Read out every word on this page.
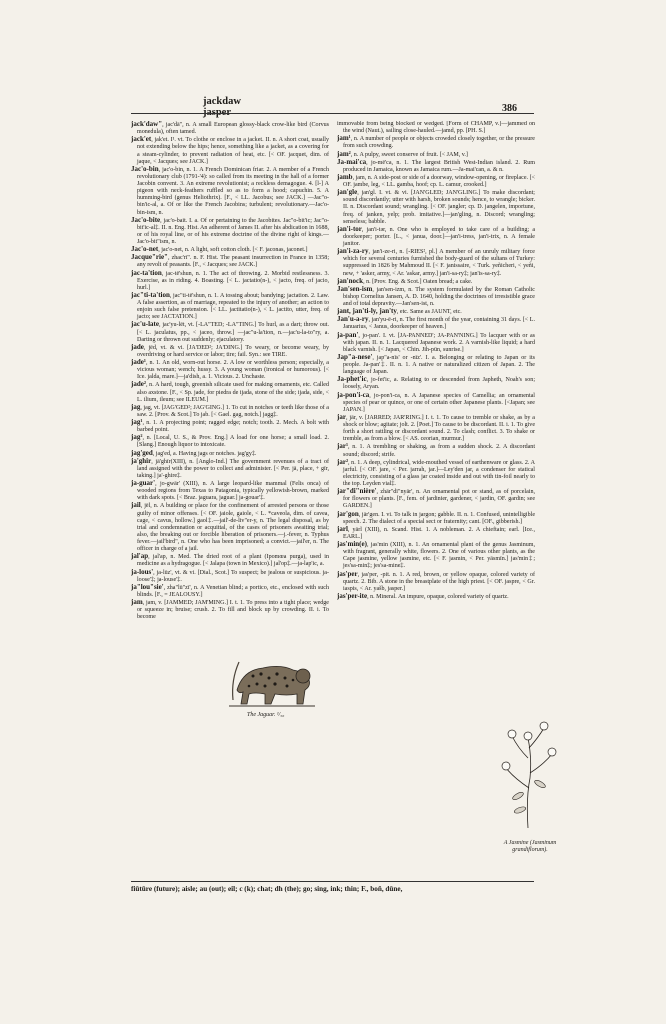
jackdaw
jasper	386

jack'daw", jac'dā", n. A small European glossy-black crow-like bird (Corvus monedula), often tamed.

jack'et, jak'et. I¹. vt. To clothe or enclose in a jacket. II. n. A short coat, usually not extending below the hips; hence, something like a jacket, as a covering for a steam-cylinder, to prevent radiation of heat, etc. [< OF. jacquet, dim. of jaque, < Jacques; see JACK.]

Jac'o-bin, jac'o-bin, n. 1. A French Dominican friar. 2. A member of a French revolutionary club (1791-'4): so called from its meeting in the hall of a former Jacobin convent. 3. An extreme revolutionist; a reckless demagogue. 4. [l-] A pigeon with neck-feathers ruffled so as to form a hood; capuchin. 5. A humming-bird (genus Heliothrix). [F., < LL. Jacobus; see JACK.] —Jac"o-bin'ic-al, a. Of or like the French Jacobins; turbulent; revolutionary.—Jac'o-bin-ism, n.

Jac'o-bite, jac'o-bait. I. a. Of or pertaining to the Jacobites. Jac"o-bit'ic; Jac"o-bit'ic-al‡. II. n. Eng. Hist. An adherent of James II. after his abdication in 1688, or of his royal line, or of his extreme doctrine of the divine right of kings.—Jac'o-bit"ism, n.

Jac'o-net, jac'o-net, n. A light, soft cotton cloth. [< F. jaconas, jaconet.]

Jacque"rie", zhac'rī". n. F. Hist. The peasant insurrection in France in 1358; any revolt of peasants. [F., < Jacques; see JACK.]

jac-ta'tion, jac-tē'shun, n. 1. The act of throwing. 2. Morbid restlessness. 3. Exercise, as in riding. 4. Boasting. [< L. jactatio(n-), < jacto, freq. of jacio, hurl.]

jac"ti-ta'tion, jac"ti-tē'shun, n. 1. A tossing about; bandying; jactation. 2. Law. A false assertion, as of marriage, repeated to the injury of another; an action to enjoin such false pretension. [< LL. jactitatio(n-), < L. jactito, utter, freq. of jacto; see JACTATION.]

jac'u-late, jac'yu-lēt, vt. [-LA"TED; -LA"TING.] To hurl, as a dart; throw out. [< L. jaculatus, pp., < jaceo, throw.] —jac"u-la'tion, n.—jac'u-la-to"ry, a. Darting or thrown out suddenly; ejaculatory.

jade, jēd, vt. & vi. [JA'DED²; JA'DING.] To weary, or become weary, by overdriving or hard service or labor; tire; fail. Syn.: see TIRE.

jade¹, n. 1. An old, worn-out horse. 2. A low or worthless person; especially, a vicious woman; wench; hussy. 3. A young woman (ironical or humorous). [< Ice. jalda, mare.]—ja'dish, a. 1. Vicious. 2. Unchaste.

jade², n. A hard, tough, greenish silicate used for making ornaments, etc. Called also axstone. [F., < Sp. jade, for piedra de ijada, stone of the side; ijada, side, < L. ilium, ileum; see ILEUM.]

jag, jag, vt. [JAG'GED²; JAG'GING.] 1. To cut in notches or teeth like those of a saw. 2. [Prov. & Scot.] To jab. [< Gael. gag, notch.] jagg‡.

jag¹, n. 1. A projecting point; ragged edge; notch; tooth. 2. Mech. A bolt with barbed point.

jag², n. [Local, U. S., & Prov. Eng.] A load for one horse; a small load. 2. [Slang.] Enough liquor to intoxicate.

jag'ged, jag'ed, a. Having jags or notches. jag'gy‡.

ja'ghir, jā'ghīr(XIII), n. [Anglo-Ind.] The government revenues of a tract of land assigned with the power to collect and administer. [< Per. jā, place, + gīr, taking.] ja'-ghire‡.

ja-guar', jo-gwār' (XIII), n. A large leopard-like mammal (Felis onca) of wooded regions from Texas to Patagonia, typically yellowish-brown, marked with dark spots. [< Braz. jaguara, jaguar.] ja-gouar'‡.

jail, jēl, n. A building or place for the confinement of arrested persons or those guilty of minor offenses. [< OF. jaiole, gaiole, < L. *caveola, dim. of cavea, cage, < cavus, hollow.] gaol‡.—jail'-de-liv"er-y, n. The legal disposal, as by trial and condemnation or acquittal, of the cases of prisoners awaiting trial; also, the breaking out or forcible liberation of prisoners.—j.-fever, n. Typhus fever.—jail'bird", n. One who has been imprisoned; a convict.—jail'er, n. The officer in charge of a jail.

jal'ap, jal'ap, n. Med. The dried root of a plant (Ipomœa purga), used in medicine as a hydragogue. [< Jalapa (town in Mexico).] jal'op‡.—ja-lap'ic, a.

ja-lous', ja-lūz', vt. & vi. [Dial., Scot.] To suspect; be jealous or suspicious. ja-loose'‡; ja-louse'‡.

ja"lou"sie', zha"lū"zī', n. A Venetian blind; a portico, etc., enclosed with such blinds. [F., = JEALOUSY.]

jam, jam, v. [JAMMED; JAM'MING.] I. t. 1. To press into a tight place; wedge or squeeze in; bruise; crush. 2. To fill and block up by crowding. II. i. To become

immovable from being blocked or wedged. [Form of CHAMP, v.]—jammed on the wind (Naut.), sailing close-hauled.—jamd, pp. [PH. S.]

jam¹, n. A number of people or objects crowded closely together, or the pressure from such crowding.

jam², n. A pulpy, sweet conserve of fruit. [< JAM, v.]

Ja-mai'ca, jo-mē'ca, n. 1. The largest British West-Indian island. 2. Rum produced in Jamaica, known as Jamaica rum.—Ja-mai'can, a. & n.

jamb, jam, n. A side-post or side of a doorway, window-opening, or fireplace. [< OF. jambe, leg, < LL. gamba, hoof; cp. L. camur, crooked.]

jan'gle, jan'gl. I. vt. & vi. [JAN'GLED; JAN'GLING.] To make discordant; sound discordantly; utter with harsh, broken sounds; hence, to wrangle; bicker. II. n. Discordant sound; wrangling. [< OF. jangler; cp. D. jangelen, importune, freq. of janken, yelp; prob. imitative.]—jan'gling, n. Discord; wrangling; senseless; babble.

jan'i-tor, jan'i-tər, n. One who is employed to take care of a building; a doorkeeper; porter. [L., < janua, door.]—jan'i-tress, jan'i-trix, n. A female janitor.

jan'i-za-ry, jan'i-ze-ri, n. [-RIES², pl.] A member of an unruly military force which for several centuries furnished the body-guard of the sultans of Turkey: suppressed in 1826 by Mahmoud II. [< F. janissaire, < Turk. yeñicheri, < yeñi, new, + 'asker, army, < Ar. 'askar, army.] jan'i-sa-ry‡; jan'is-sa-ry‡.

jan'nock, n. [Prov. Eng. & Scot.] Oaten bread; a cake.

Jan'sen-ism, jan'sen-izm, n. The system formulated by the Roman Catholic bishop Cornelius Jansen, A. D. 1640, holding the doctrines of irresistible grace and of total depravity.—Jan'sen-ist, n.

jant, jan'ti-ly, jan'ty, etc. Same as JAUNT, etc.

Jan'u-a-ry, jan'yu-ē-ri, n. The first month of the year, containing 31 days. [< L. Januarius, < Janus, doorkeeper of heaven.]

ja-pan', jo-pan'. I. vt. [JA-PANNED'; JA-PAN'NING.] To lacquer with or as with japan. II. n. 1. Lacquered Japanese work. 2. A varnish-like liquid; a hard black varnish. [< Japan, < Chin. Jih-pün, sunrise.]

Jap"a-nese', jap"a-nīs' or -nīz'. I. a. Belonging or relating to Japan or its people. Ja-pan'‡. II. n. 1. A native or naturalized citizen of Japan. 2. The language of Japan.

Ja-phet'ic, jo-fet'ic, a. Relating to or descended from Japheth, Noah's son; loosely, Aryan.

ja-pon'i-ca, jo-pon'i-ca, n. A Japanese species of Camellia; an ornamental species of pear or quince, or one of certain other Japanese plants. [<Japan; see JAPAN.]

jar, jār, v. [JARRED; JAR'RING.] I. t. 1. To cause to tremble or shake, as by a shock or blow; agitate; jolt. 2. [Poet.] To cause to be discordant. II. i. 1. To give forth a short rattling or discordant sound. 2. To clash; conflict. 3. To shake or tremble, as from a blow. [< AS. ceorian, murmur.]

jar¹, n. 1. A trembling or shaking, as from a sudden shock. 2. A discordant sound; discord; strife.

jar², n. 1. A deep, cylindrical, wide-mouthed vessel of earthenware or glass. 2. A jarful. [< OF. jare, < Per. jarrah, jar.]—Ley'den jar, a condenser for statical electricity, consisting of a glass jar coated inside and out with tin-foil nearly to the top. Leyden vial‡.

jar"di"nière', zhār"dī"nyār', n. An ornamental pot or stand, as of porcelain, for flowers or plants. [F., fem. of jardinier, gardener, < jardin, OF. gardin; see GARDEN.]

jar'gon, jār'gen. I. vi. To talk in jargon; gabble. II. n. 1. Confused, unintelligible speech. 2. The dialect of a special sect or fraternity; cant. [OF., gibberish.]

jarl, yārl (XIII), n. Scand. Hist. 1. A nobleman. 2. A chieftain; earl. [Ice., EARL.]

jas'min(e), jas'min (XIII), n. 1. An ornamental plant of the genus Jasminum, with fragrant, generally white, flowers. 2. One of various other plants, as the Cape jasmine, yellow jasmine, etc. [< F. jasmin, < Per. yāsmīn.] jas'min‡; jes'sa-min‡; jes'sa-mine‡.

jas'per, jas'per, -pit. n. 1. A red, brown, or yellow opaque, colored variety of quartz. 2. Bib. A stone in the breastplate of the high priest. [< OF. jaspre, < Gr. iaspis, < Ar. yašb, jasper.]

jas'per-ite, n. Mineral. An impure, opaque, colored variety of quartz.

The Jaguar. ¹/₅₆
A Jasmine (Jasminum grandiflorum).
fiūtūre (future); aisle; au (out); eil; c (k); chat; dh (the); go; sing, ink; thin; F., boñ, dūne,
